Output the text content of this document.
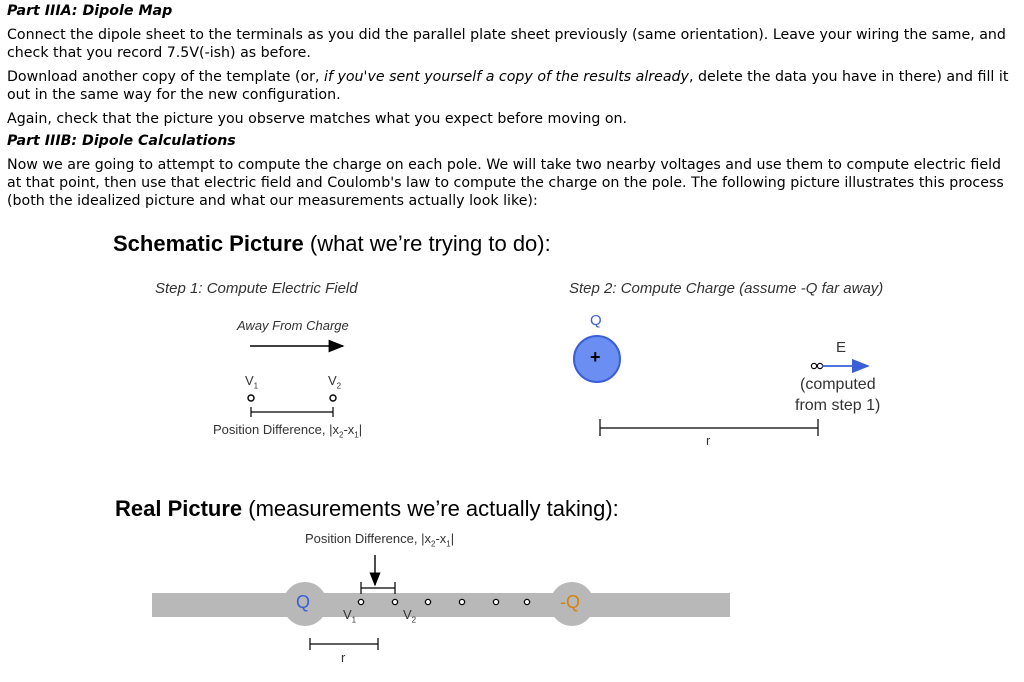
Part IIIA: Dipole Map
Connect the dipole sheet to the terminals as you did the parallel plate sheet previously (same orientation). Leave your wiring the same, and check that you record 7.5V(-ish) as before.
Download another copy of the template (or, if you've sent yourself a copy of the results already, delete the data you have in there) and fill it out in the same way for the new configuration.
Again, check that the picture you observe matches what you expect before moving on.
Part IIIB: Dipole Calculations
Now we are going to attempt to compute the charge on each pole. We will take two nearby voltages and use them to compute electric field at that point, then use that electric field and Coulomb's law to compute the charge on the pole. The following picture illustrates this process (both the idealized picture and what our measurements actually look like):
Schematic Picture (what we’re trying to do):
Step 1: Compute Electric Field
Away From Charge
$V_1$	$V_2$
Position Difference, $|x_2-x_1|$
Step 2: Compute Charge (assume -Q far away)
Q
+	E
(computed
from step 1)
r
Real Picture (measurements we’re actually taking):
Position Difference, $|x_2-x_1|$
Q	-Q
$V_1$	$V_2$
r
